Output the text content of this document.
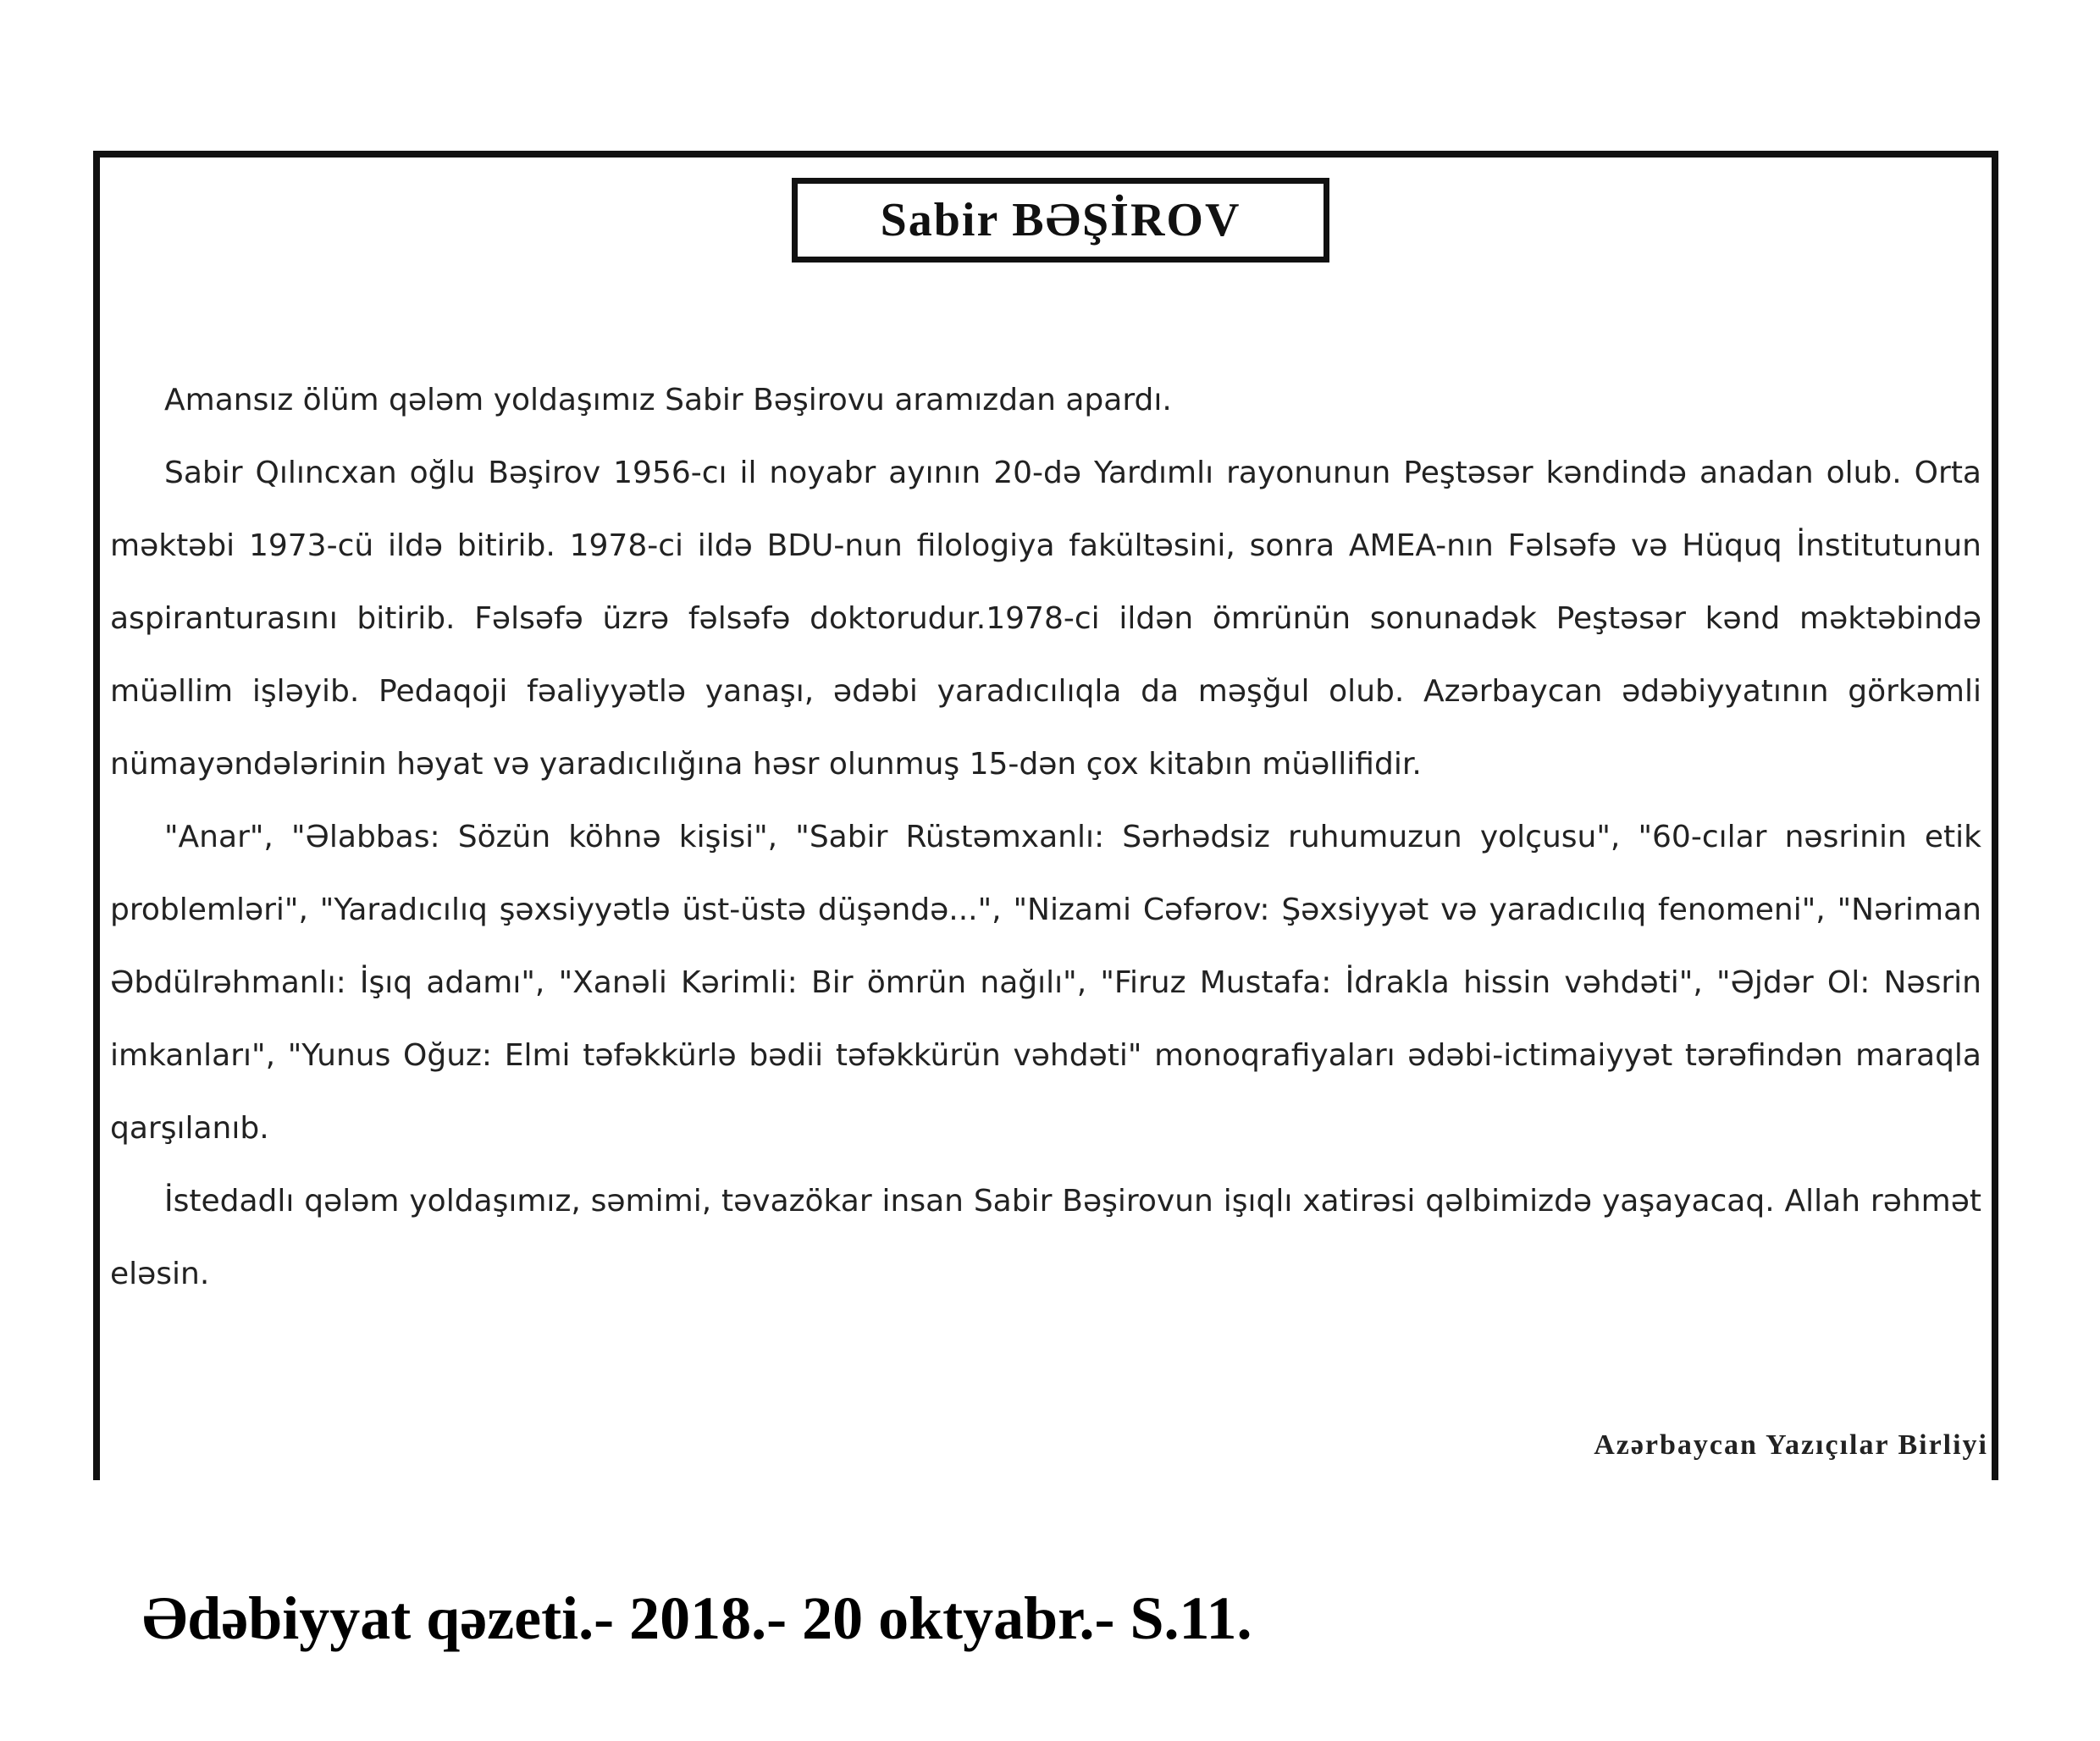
Sabir BƏŞİROV

Amansız ölüm qələm yoldaşımız Sabir Bəşirovu aramızdan apardı.

Sabir Qılıncxan oğlu Bəşirov 1956-cı il noyabr ayının 20-də Yardımlı rayonunun Peştəsər kəndində anadan olub. Orta məktəbi 1973-cü ildə bitirib. 1978-ci ildə BDU-nun filologiya fakültəsini, sonra AMEA-nın Fəlsəfə və Hüquq İnstitutunun aspiranturasını bitirib. Fəlsəfə üzrə fəlsəfə doktorudur.1978-ci ildən ömrünün sonunadək Peştəsər kənd məktəbində müəllim işləyib. Pedaqoji fəaliyyətlə yanaşı, ədəbi yaradıcılıqla da məşğul olub. Azərbaycan ədəbiyyatının görkəmli nümayəndələrinin həyat və yaradıcılığına həsr olunmuş 15-dən çox kitabın müəllifidir.

"Anar", "Əlabbas: Sözün köhnə kişisi", "Sabir Rüstəmxanlı: Sərhədsiz ruhumuzun yolçusu", "60-cılar nəsrinin etik problemləri", "Yaradıcılıq şəxsiyyətlə üst-üstə düşəndə...", "Nizami Cəfərov: Şəxsiyyət və yaradıcılıq fenomeni", "Nəriman Əbdülrəhmanlı: İşıq adamı", "Xanəli Kərimli: Bir ömrün nağılı", "Firuz Mustafa: İdrakla hissin vəhdəti", "Əjdər Ol: Nəsrin imkanları", "Yunus Oğuz: Elmi təfəkkürlə bədii təfəkkürün vəhdəti" monoqrafiyaları ədəbi-ictimaiyyət tərəfindən maraqla qarşılanıb.

İstedadlı qələm yoldaşımız, səmimi, təvazökar insan Sabir Bəşirovun işıqlı xatirəsi qəlbimizdə yaşayacaq. Allah rəhmət eləsin.

Azərbaycan Yazıçılar Birliyi
Ədəbiyyat qəzeti.- 2018.- 20 oktyabr.- S.11.
